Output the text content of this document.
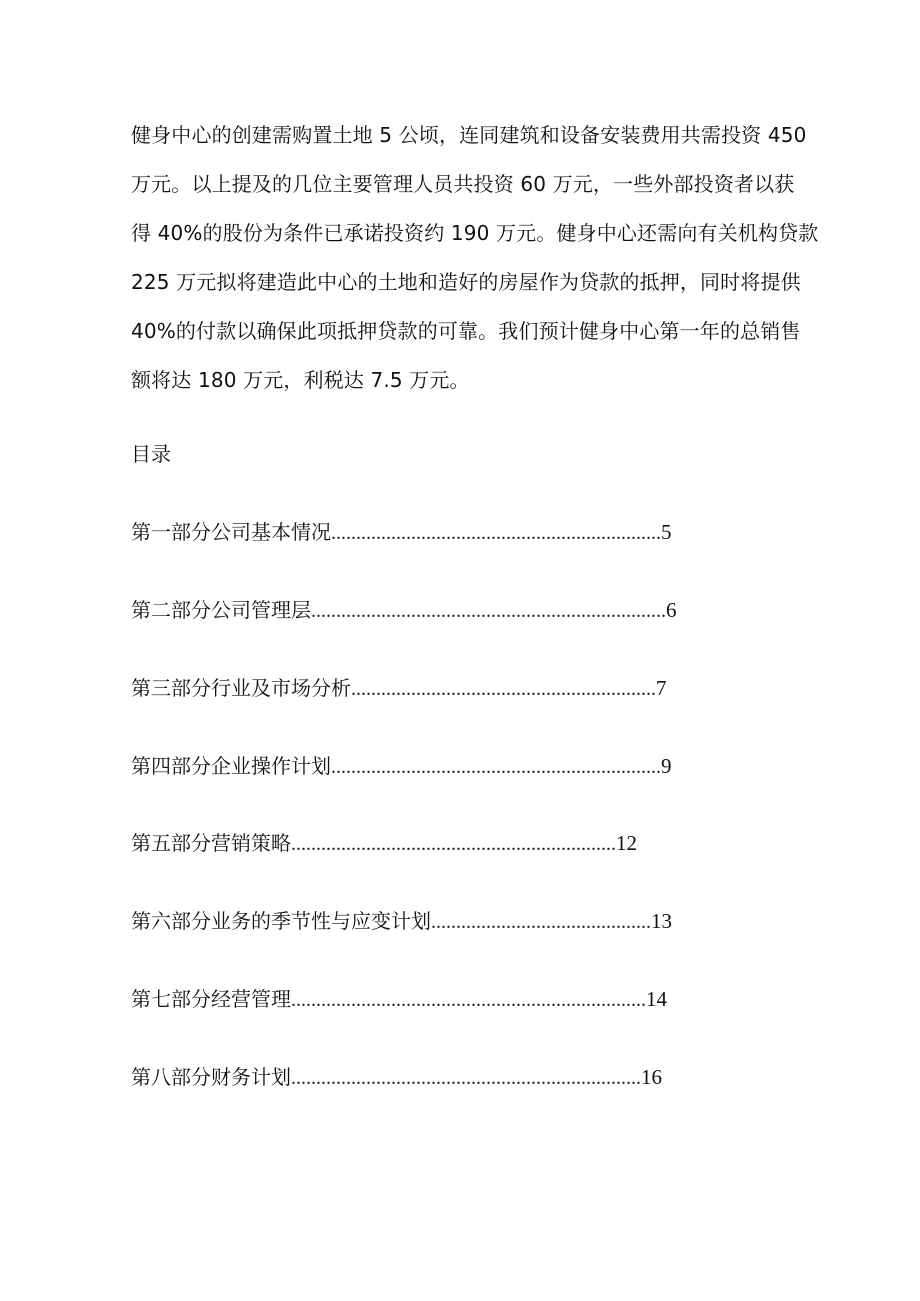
健身中心的创建需购置土地 5 公顷，连同建筑和设备安装费用共需投资 450
万元。以上提及的几位主要管理人员共投资 60 万元，一些外部投资者以获
得 40%的股份为条件已承诺投资约 190 万元。健身中心还需向有关机构贷款
225 万元拟将建造此中心的土地和造好的房屋作为贷款的抵押，同时将提供
40%的付款以确保此项抵押贷款的可靠。我们预计健身中心第一年的总销售
额将达 180 万元，利税达 7.5 万元。
目录
第一部分公司基本情况..................................................................5
第二部分公司管理层.......................................................................6
第三部分行业及市场分析.............................................................7
第四部分企业操作计划..................................................................9
第五部分营销策略.................................................................12
第六部分业务的季节性与应变计划............................................13
第七部分经营管理.......................................................................14
第八部分财务计划......................................................................16
